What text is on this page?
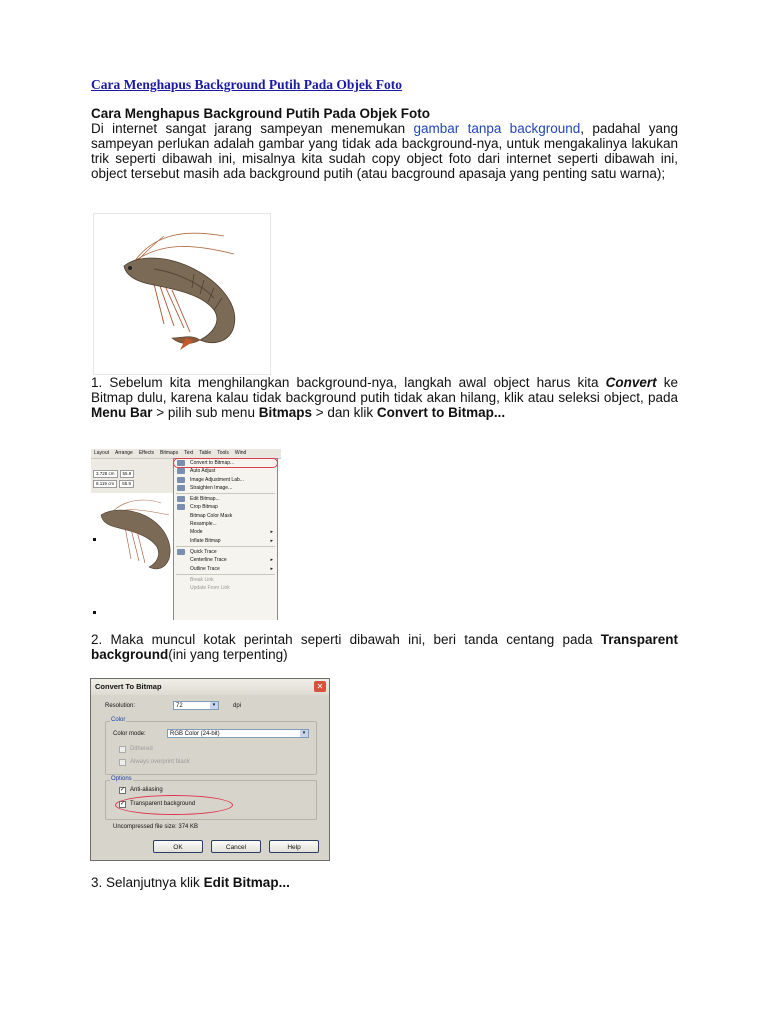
Cara Menghapus Background Putih Pada Objek Foto
Cara Menghapus Background Putih Pada Objek Foto
Di internet sangat jarang sampeyan menemukan gambar tanpa background, padahal yang sampeyan perlukan adalah gambar yang tidak ada background-nya, untuk mengakalinya lakukan trik seperti dibawah ini, misalnya kita sudah copy object foto dari internet seperti dibawah ini, object tersebut masih ada background putih (atau bacground apasaja yang penting satu warna);
1. Sebelum kita menghilangkan background-nya, langkah awal object harus kita Convert ke Bitmap dulu, karena kalau tidak background putih tidak akan hilang, klik atau seleksi object, pada Menu Bar > pilih sub menu Bitmaps > dan klik Convert to Bitmap...
Layout Arrange Effects Bitmaps Text Table Tools Wind

3.728 cm 55.9
8.119 cm 55.9
Convert to Bitmap...
Auto Adjust
Image Adjustment Lab...
Straighten Image...
Edit Bitmap...
Crop Bitmap
Bitmap Color Mask
Resample...
Mode	▸
Inflate Bitmap	▸
Quick Trace
Centerline Trace	▸
Outline Trace	▸
Break Link
Update From Link
2. Maka muncul kotak perintah seperti dibawah ini, beri tanda centang pada Transparent background(ini yang terpenting)
Convert To Bitmap	✕
Resolution:	72	▾	dpi
Color
Color mode:	RGB Color (24-bit)	▾
Dithered
Always overprint black
Options
✓ Anti-aliasing
✓ Transparent background
Uncompressed file size: 374 KB
OK	Cancel	Help
3. Selanjutnya klik Edit Bitmap...
